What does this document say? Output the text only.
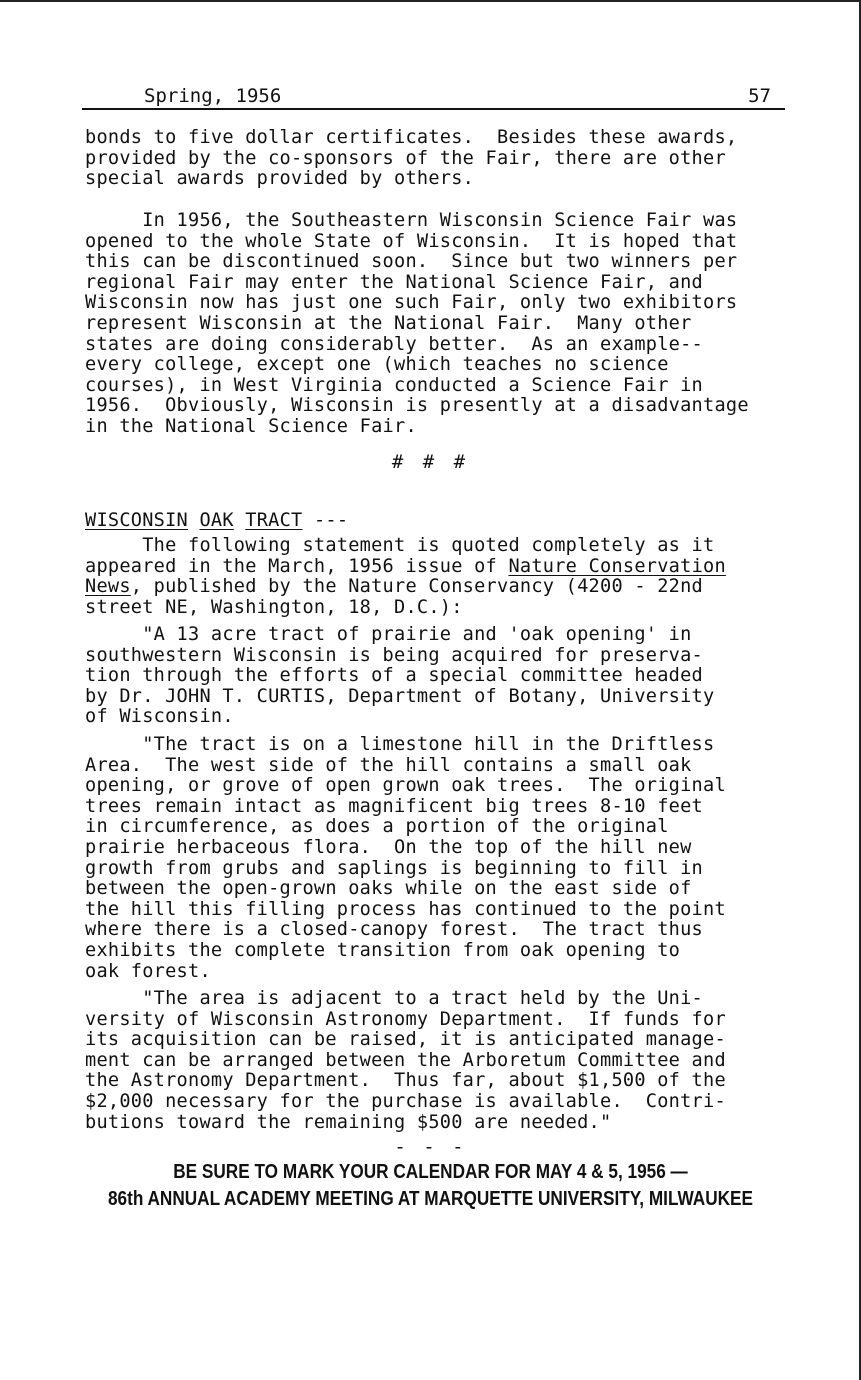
Spring, 1956	57
bonds to five dollar certificates.  Besides these awards,
provided by the co-sponsors of the Fair, there are other
special awards provided by others.
In 1956, the Southeastern Wisconsin Science Fair was
opened to the whole State of Wisconsin.  It is hoped that
this can be discontinued soon.  Since but two winners per
regional Fair may enter the National Science Fair, and
Wisconsin now has just one such Fair, only two exhibitors
represent Wisconsin at the National Fair.  Many other
states are doing considerably better.  As an example--
every college, except one (which teaches no science
courses), in West Virginia conducted a Science Fair in
1956.  Obviously, Wisconsin is presently at a disadvantage
in the National Science Fair.
# # #
WISCONSIN OAK TRACT ---
The following statement is quoted completely as it
appeared in the March, 1956 issue of Nature Conservation
News, published by the Nature Conservancy (4200 - 22nd
street NE, Washington, 18, D.C.):
"A 13 acre tract of prairie and 'oak opening' in
southwestern Wisconsin is being acquired for preserva-
tion through the efforts of a special committee headed
by Dr. JOHN T. CURTIS, Department of Botany, University
of Wisconsin.
"The tract is on a limestone hill in the Driftless
Area.  The west side of the hill contains a small oak
opening, or grove of open grown oak trees.  The original
trees remain intact as magnificent big trees 8-10 feet
in circumference, as does a portion of the original
prairie herbaceous flora.  On the top of the hill new
growth from grubs and saplings is beginning to fill in
between the open-grown oaks while on the east side of
the hill this filling process has continued to the point
where there is a closed-canopy forest.  The tract thus
exhibits the complete transition from oak opening to
oak forest.
"The area is adjacent to a tract held by the Uni-
versity of Wisconsin Astronomy Department.  If funds for
its acquisition can be raised, it is anticipated manage-
ment can be arranged between the Arboretum Committee and
the Astronomy Department.  Thus far, about $1,500 of the
$2,000 necessary for the purchase is available.  Contri-
butions toward the remaining $500 are needed."
- - -
BE SURE TO MARK YOUR CALENDAR FOR MAY 4 & 5, 1956 —
86th ANNUAL ACADEMY MEETING AT MARQUETTE UNIVERSITY, MILWAUKEE
